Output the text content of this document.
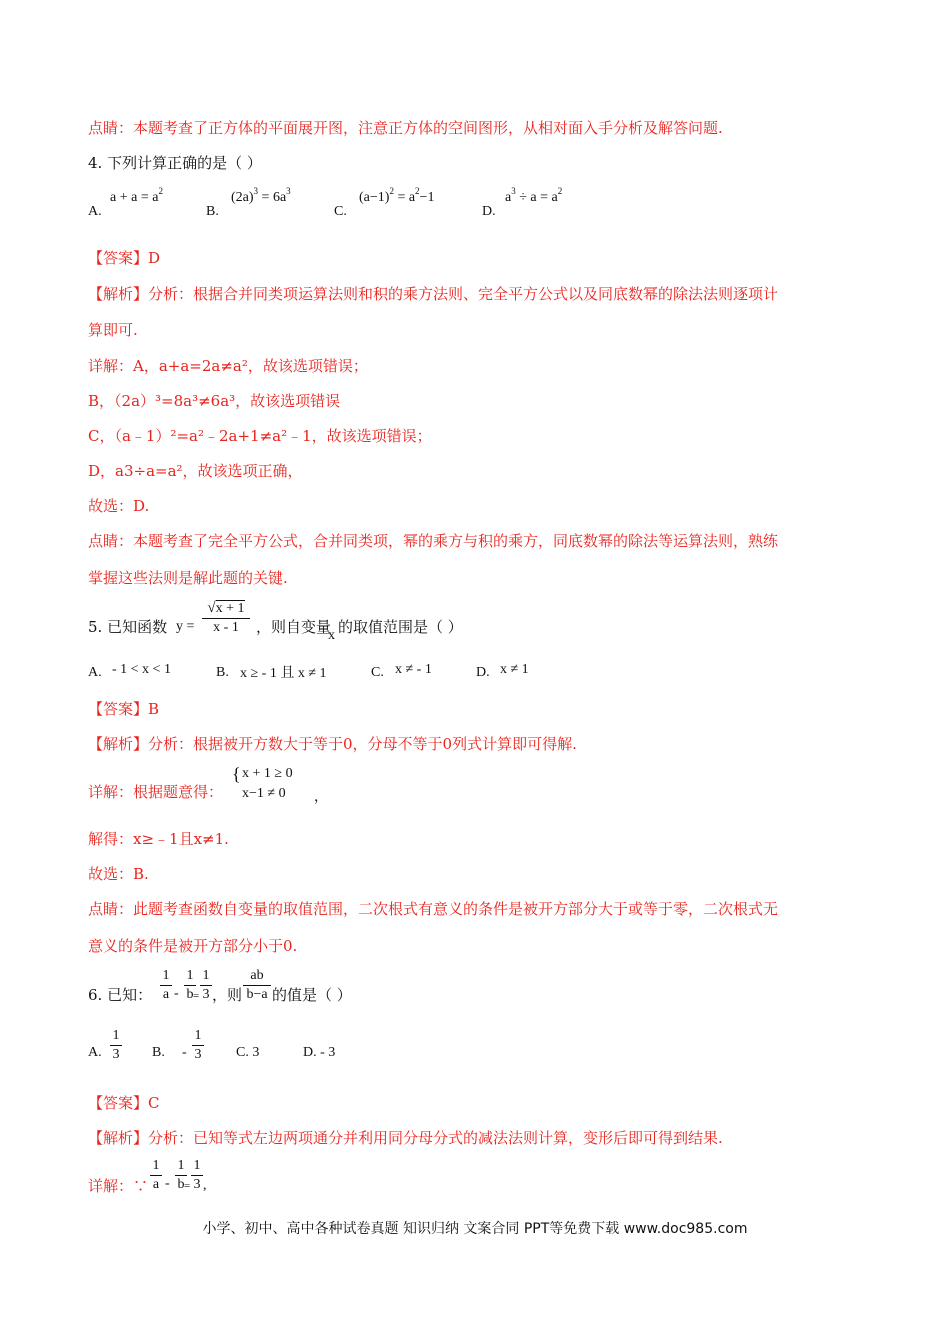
点睛：本题考查了正方体的平面展开图，注意正方体的空间图形，从相对面入手分析及解答问题.
4. 下列计算正确的是（ ）
A.
$a + a = a^2$
B.
$(2a)^3 = 6a^3$
C.
$(a-1)^2 = a^2-1$
D.
$a^3 \div a = a^2$
【答案】D
【解析】分析：根据合并同类项运算法则和积的乘方法则、完全平方公式以及同底数幂的除法法则逐项计
算即可.
详解：A，a+a=2a≠a²，故该选项错误；
B，（2a）³=8a³≠6a³，故该选项错误
C，（a﹣1）²=a²﹣2a+1≠a²﹣1，故该选项错误；
D，a3÷a=a²，故该选项正确，
故选：D.
点睛：本题考查了完全平方公式，合并同类项，幂的乘方与积的乘方，同底数幂的除法等运算法则，熟练
掌握这些法则是解此题的关键.
5. 已知函数 y =
√x + 1
x - 1	，则自变量
x 的取值范围是（ ）
A. - 1 < x < 1	B. x ≥ - 1 且 x ≠ 1	C. x ≠ - 1	D. x ≠ 1
【答案】B
【解析】分析：根据被开方数大于等于0，分母不等于0列式计算即可得解.
详解：根据题意得：
{ x + 1 ≥ 0
x−1 ≠ 0 ，
解得：x≥﹣1且x≠1.
故选：B.
点睛：此题考查函数自变量的取值范围，二次根式有意义的条件是被开方部分大于或等于零，二次根式无
意义的条件是被开方部分小于0.
6. 已知：
1
a -
1
b =
1
3 ，则
ab
b−a 的值是（ ）
A.
1
3 B. -
1
3 C. 3	D. - 3
【答案】C
【解析】分析：已知等式左边两项通分并利用同分母分式的减法法则计算，变形后即可得到结果.
详解：∵
1
a -
1
b =
1
3 ,
小学、初中、高中各种试卷真题 知识归纳 文案合同 PPT等免费下载 www.doc985.com
